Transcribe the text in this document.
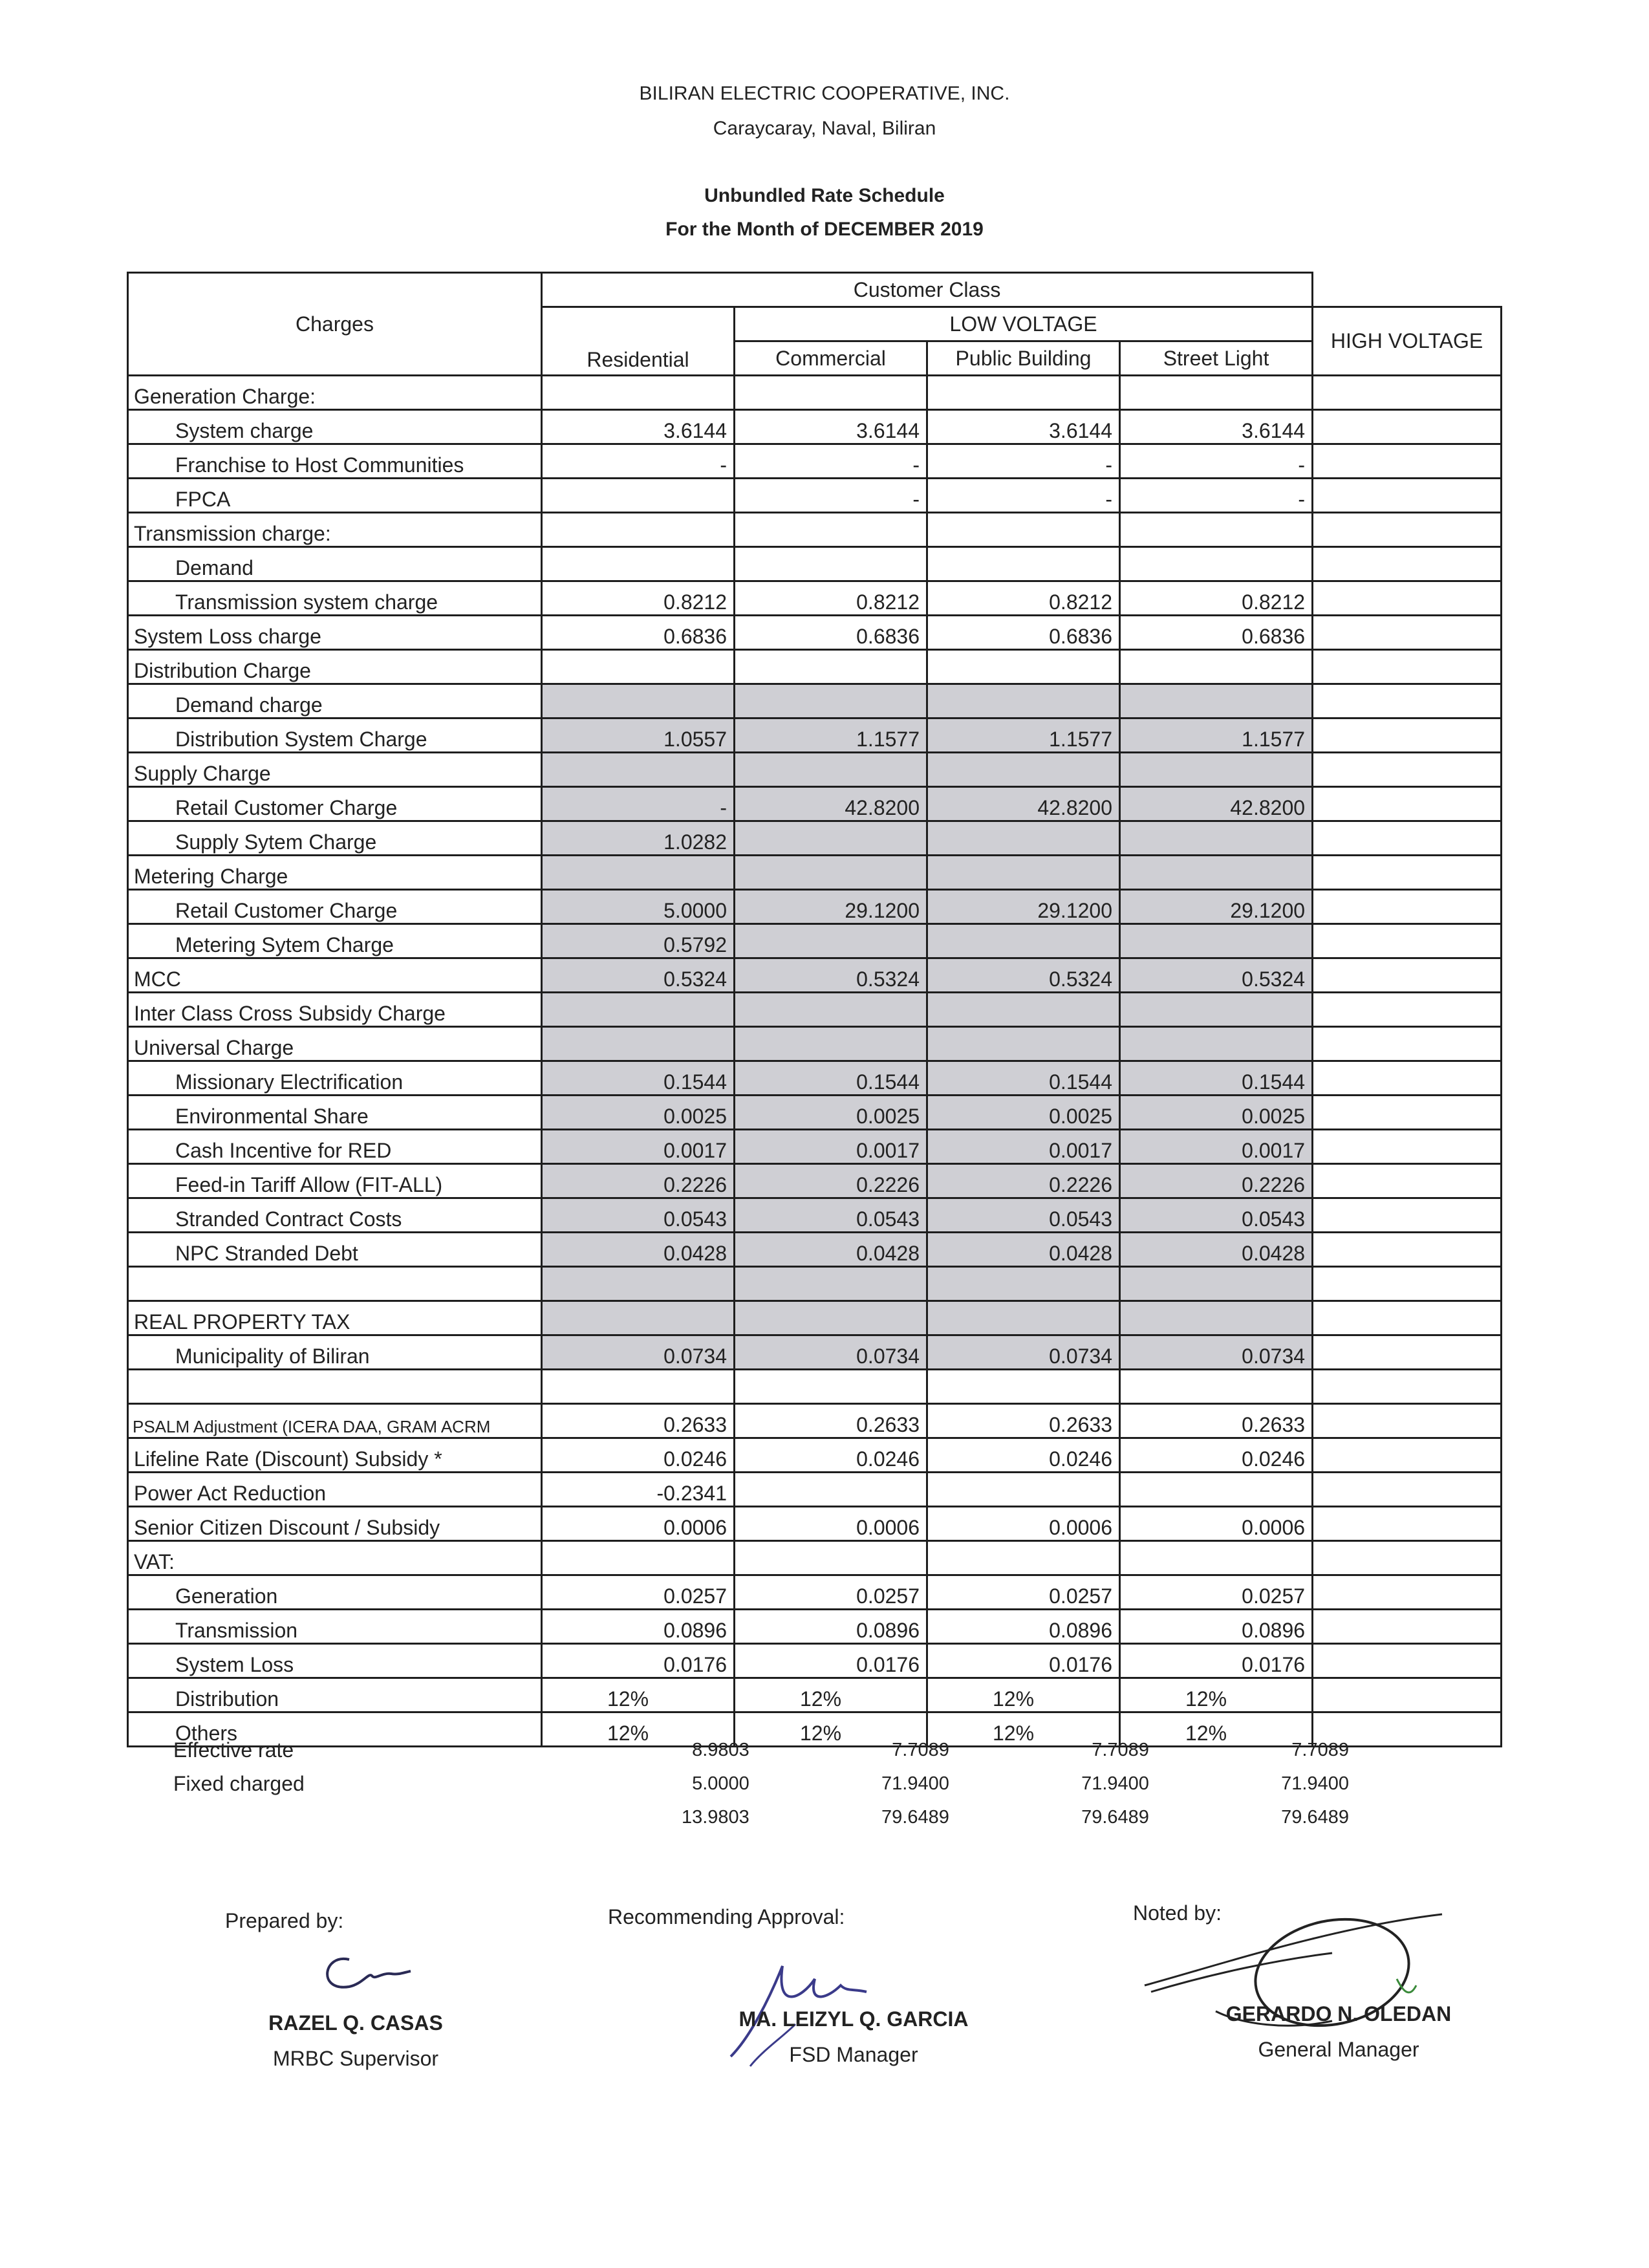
BILIRAN ELECTRIC COOPERATIVE, INC.
Caraycaray, Naval, Biliran
Unbundled Rate Schedule
For the Month of DECEMBER 2019
Charges	Customer Class				
	Residential	LOW VOLTAGE			HIGH VOLTAGE
		Commercial	Public Building	Street Light	
Generation Charge:					
System charge	3.6144	3.6144	3.6144	3.6144	
Franchise to Host Communities	-	-	-	-	
FPCA		-	-	-	
Transmission charge:					
Demand					
Transmission system charge	0.8212	0.8212	0.8212	0.8212	
System Loss charge	0.6836	0.6836	0.6836	0.6836	
Distribution Charge					
Demand charge					
Distribution System Charge	1.0557	1.1577	1.1577	1.1577	
Supply Charge					
Retail Customer Charge	-	42.8200	42.8200	42.8200	
Supply Sytem Charge	1.0282				
Metering Charge					
Retail Customer Charge	5.0000	29.1200	29.1200	29.1200	
Metering Sytem Charge	0.5792				
MCC	0.5324	0.5324	0.5324	0.5324	
Inter Class Cross Subsidy Charge					
Universal Charge					
Missionary Electrification	0.1544	0.1544	0.1544	0.1544	
Environmental Share	0.0025	0.0025	0.0025	0.0025	
Cash Incentive for RED	0.0017	0.0017	0.0017	0.0017	
Feed-in Tariff Allow (FIT-ALL)	0.2226	0.2226	0.2226	0.2226	
Stranded Contract Costs	0.0543	0.0543	0.0543	0.0543	
NPC Stranded Debt	0.0428	0.0428	0.0428	0.0428	

REAL PROPERTY TAX					
Municipality of Biliran	0.0734	0.0734	0.0734	0.0734	

PSALM Adjustment (ICERA DAA, GRAM ACRM	0.2633	0.2633	0.2633	0.2633	
Lifeline Rate (Discount) Subsidy *	0.0246	0.0246	0.0246	0.0246	
Power Act Reduction	-0.2341				
Senior Citizen Discount / Subsidy	0.0006	0.0006	0.0006	0.0006	
VAT:					
Generation	0.0257	0.0257	0.0257	0.0257	
Transmission	0.0896	0.0896	0.0896	0.0896	
System Loss	0.0176	0.0176	0.0176	0.0176	
Distribution	12%	12%	12%	12%	
Others	12%	12%	12%	12%	
Effective rate	8.9803	7.7089	7.7089	7.7089
Fixed charged	5.0000	71.9400	71.9400	71.9400
	13.9803	79.6489	79.6489	79.6489
Prepared by:	Recommending Approval:	Noted by:
RAZEL Q. CASAS
MRBC Supervisor
MA. LEIZYL Q. GARCIA
FSD Manager
GERARDO N. OLEDAN
General Manager
